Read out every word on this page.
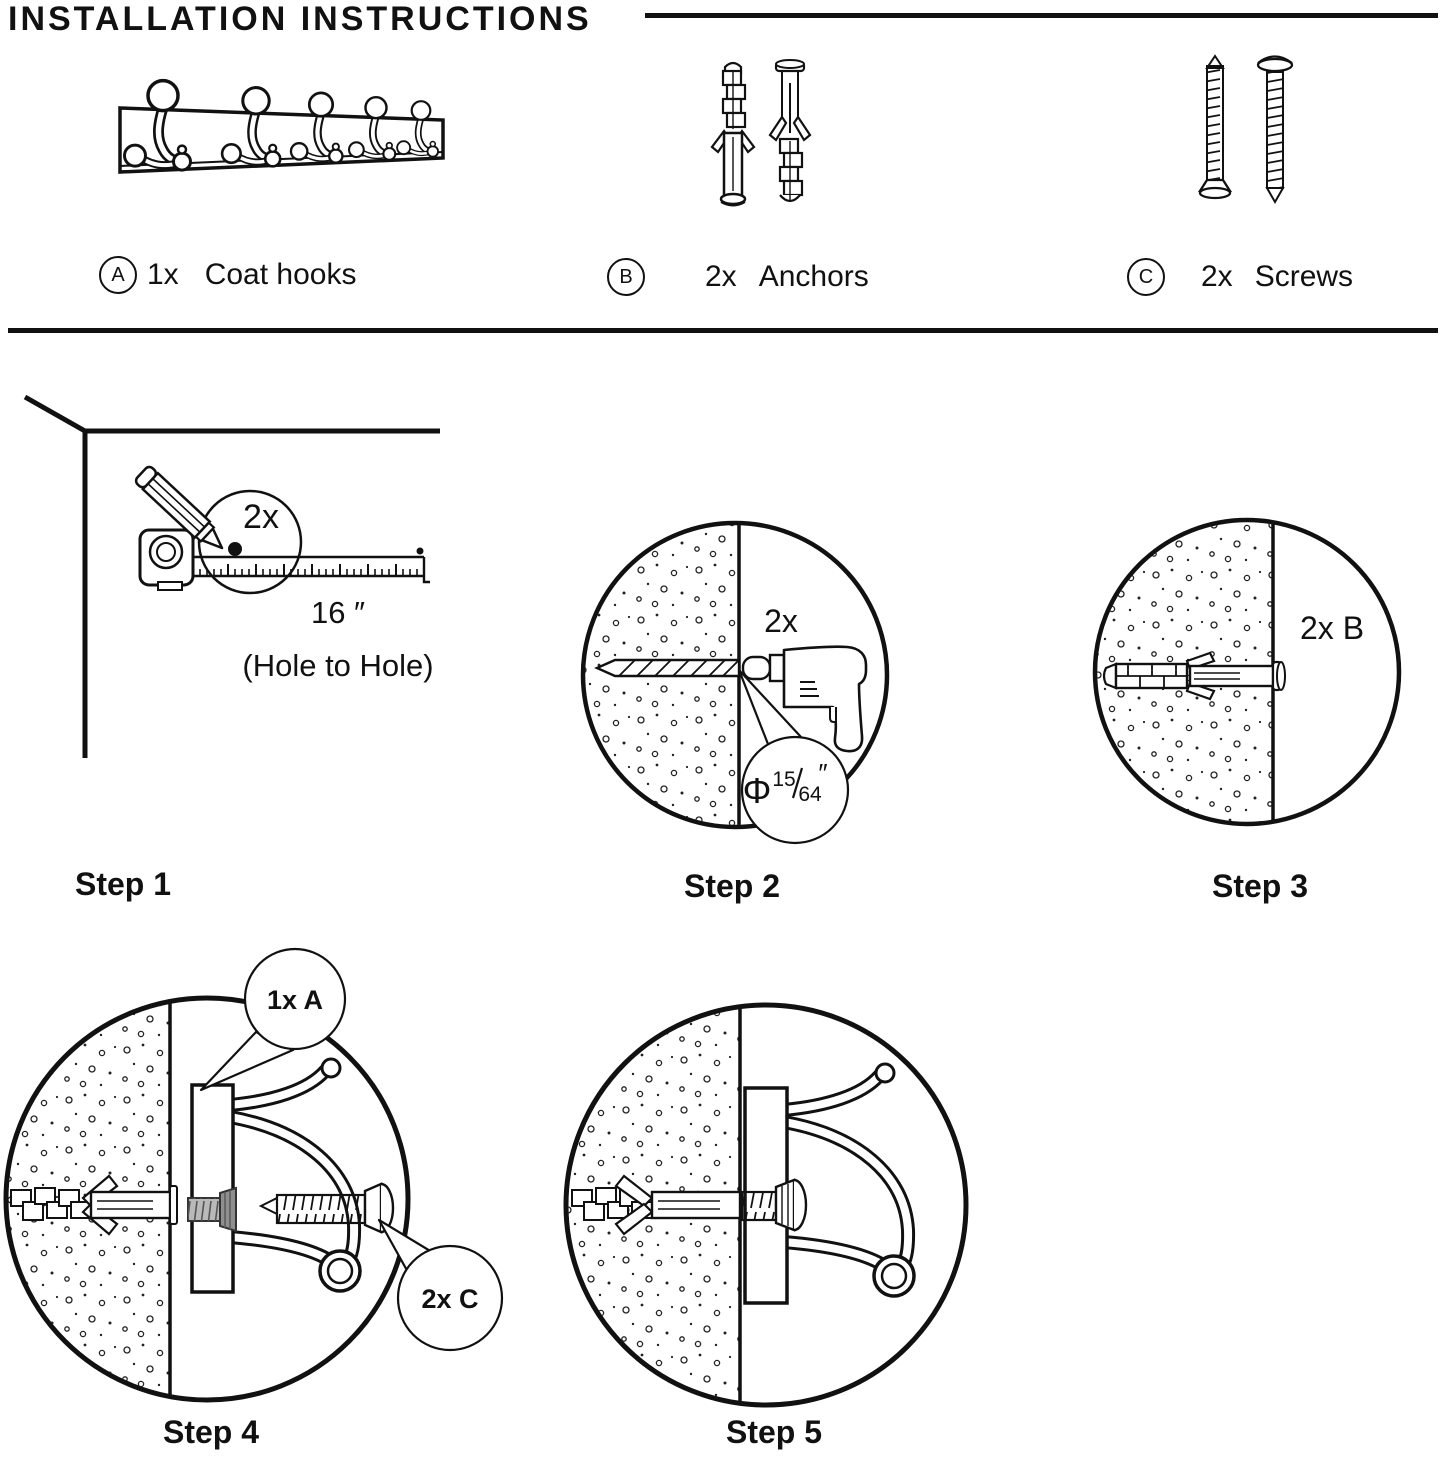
INSTALLATION INSTRUCTIONS
A 1x Coat hooks	B	2x Anchors	C	2x Screws
2x
16 ″
(Hole to Hole)
2x
Φ 15
64
″
2x B
1x A
2x C
Step 1	Step 2	Step 3
Step 4	Step 5
